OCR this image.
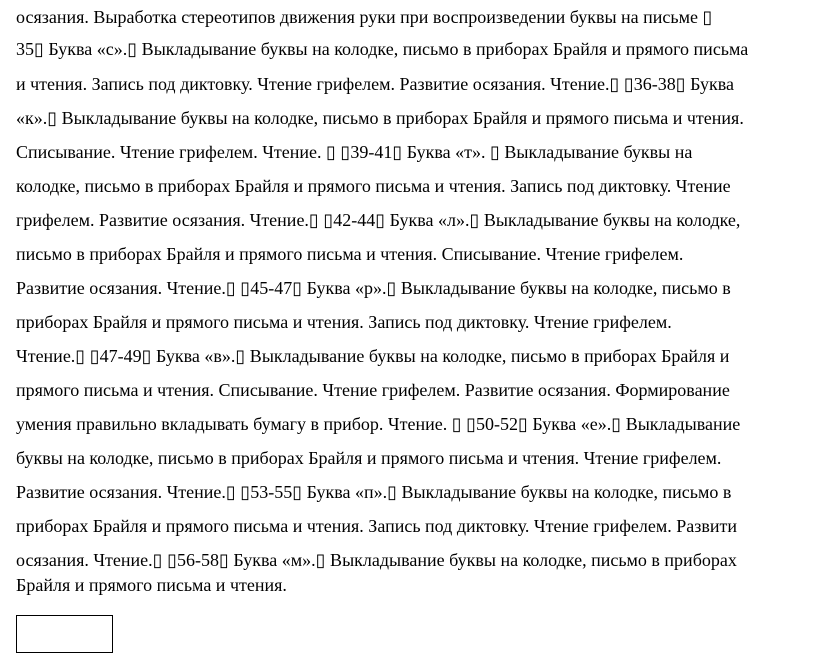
осязания. Выработка стереотипов движения руки при воспроизведении буквы на письме ▯
35▯ Буква «с».▯ Выкладывание буквы на колодке, письмо в приборах Брайля и прямого письма
и чтения. Запись под диктовку. Чтение грифелем. Развитие осязания. Чтение.▯ ▯36-38▯ Буква
«к».▯ Выкладывание буквы на колодке, письмо в приборах Брайля и прямого письма и чтения.
Списывание. Чтение грифелем. Чтение. ▯ ▯39-41▯ Буква «т». ▯ Выкладывание буквы на
колодке, письмо в приборах Брайля и прямого письма и чтения. Запись под диктовку. Чтение
грифелем. Развитие осязания. Чтение.▯ ▯42-44▯ Буква «л».▯ Выкладывание буквы на колодке,
письмо в приборах Брайля и прямого письма и чтения. Списывание. Чтение грифелем.
Развитие осязания. Чтение.▯ ▯45-47▯ Буква «р».▯ Выкладывание буквы на колодке, письмо в
приборах Брайля и прямого письма и чтения. Запись под диктовку. Чтение грифелем.
Чтение.▯ ▯47-49▯ Буква «в».▯ Выкладывание буквы на колодке, письмо в приборах Брайля и
прямого письма и чтения. Списывание. Чтение грифелем. Развитие осязания. Формирование
умения правильно вкладывать бумагу в прибор. Чтение. ▯ ▯50-52▯ Буква «е».▯ Выкладывание
буквы на колодке, письмо в приборах Брайля и прямого письма и чтения. Чтение грифелем.
Развитие осязания. Чтение.▯ ▯53-55▯ Буква «п».▯ Выкладывание буквы на колодке, письмо в
приборах Брайля и прямого письма и чтения. Запись под диктовку. Чтение грифелем. Развити
осязания. Чтение.▯ ▯56-58▯ Буква «м».▯ Выкладывание буквы на колодке, письмо в приборах
Брайля и прямого письма и чтения.
